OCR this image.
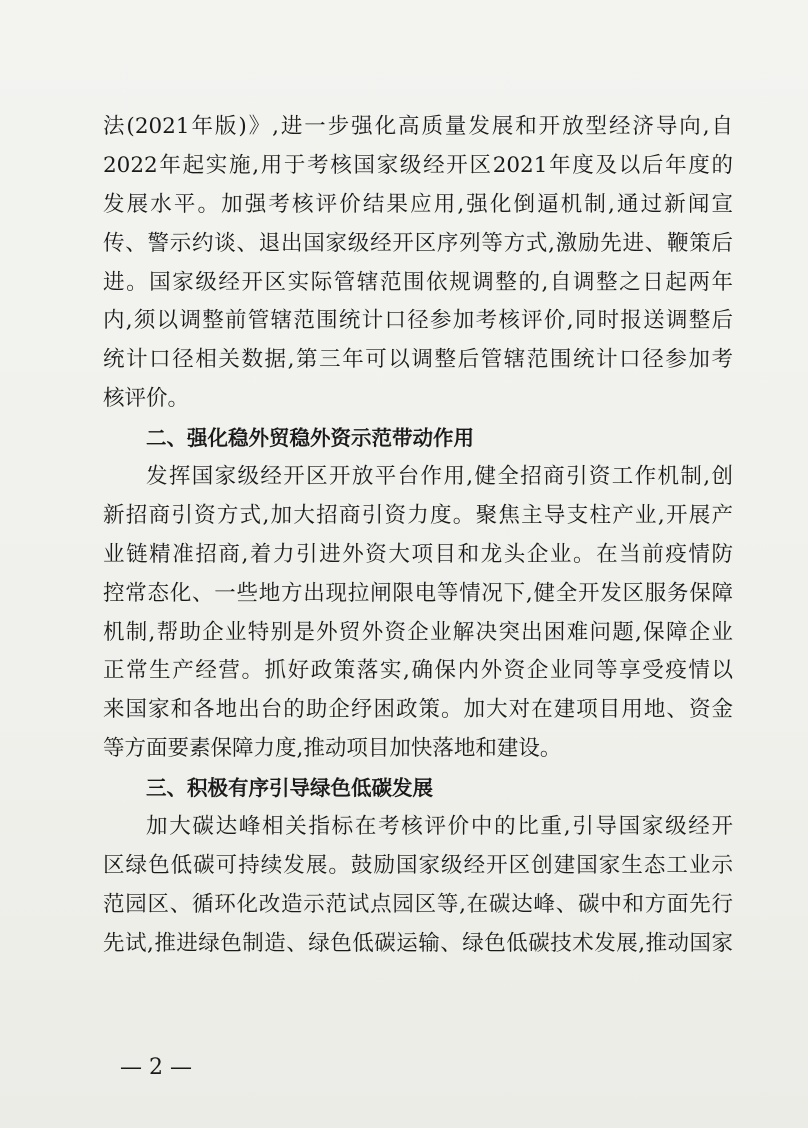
法(2021年版)》,进一步强化高质量发展和开放型经济导向,自
2022年起实施,用于考核国家级经开区2021年度及以后年度的
发展水平。加强考核评价结果应用,强化倒逼机制,通过新闻宣
传、警示约谈、退出国家级经开区序列等方式,激励先进、鞭策后
进。国家级经开区实际管辖范围依规调整的,自调整之日起两年
内,须以调整前管辖范围统计口径参加考核评价,同时报送调整后
统计口径相关数据,第三年可以调整后管辖范围统计口径参加考
核评价。
二、强化稳外贸稳外资示范带动作用
发挥国家级经开区开放平台作用,健全招商引资工作机制,创
新招商引资方式,加大招商引资力度。聚焦主导支柱产业,开展产
业链精准招商,着力引进外资大项目和龙头企业。在当前疫情防
控常态化、一些地方出现拉闸限电等情况下,健全开发区服务保障
机制,帮助企业特别是外贸外资企业解决突出困难问题,保障企业
正常生产经营。抓好政策落实,确保内外资企业同等享受疫情以
来国家和各地出台的助企纾困政策。加大对在建项目用地、资金
等方面要素保障力度,推动项目加快落地和建设。
三、积极有序引导绿色低碳发展
加大碳达峰相关指标在考核评价中的比重,引导国家级经开
区绿色低碳可持续发展。鼓励国家级经开区创建国家生态工业示
范园区、循环化改造示范试点园区等,在碳达峰、碳中和方面先行
先试,推进绿色制造、绿色低碳运输、绿色低碳技术发展,推动国家
— 2 —
